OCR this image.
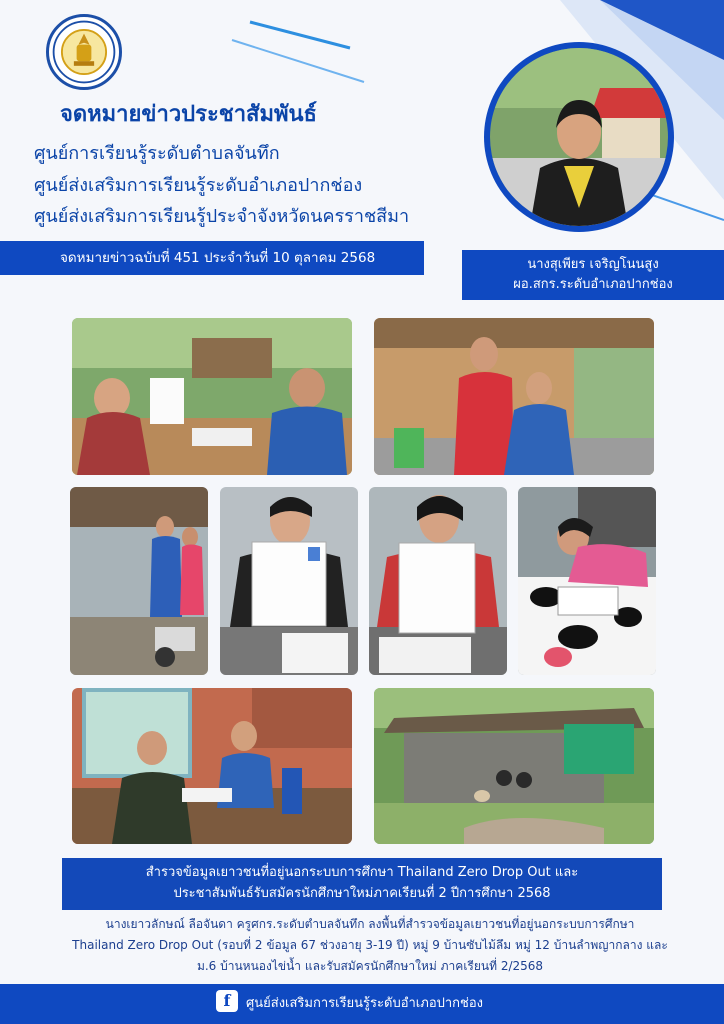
จดหมายข่าวประชาสัมพันธ์
ศูนย์การเรียนรู้ระดับตำบลจันทึก
ศูนย์ส่งเสริมการเรียนรู้ระดับอำเภอปากช่อง
ศูนย์ส่งเสริมการเรียนรู้ประจำจังหวัดนครราชสีมา
จดหมายข่าวฉบับที่ 451 ประจำวันที่ 10 ตุลาคม 2568	นางสุเพียร เจริญโนนสูง
ผอ.สกร.ระดับอำเภอปากช่อง
สำรวจข้อมูลเยาวชนที่อยู่นอกระบบการศึกษา Thailand Zero Drop Out และ
ประชาสัมพันธ์รับสมัครนักศึกษาใหม่ภาคเรียนที่ 2 ปีการศึกษา 2568
นางเยาวลักษณ์ ลือจันดา ครูศกร.ระดับตำบลจันทึก ลงพื้นที่สำรวจข้อมูลเยาวชนที่อยู่นอกระบบการศึกษา
Thailand Zero Drop Out (รอบที่ 2 ข้อมูล 67 ช่วงอายุ 3-19 ปี) หมู่ 9 บ้านซับไม้ลึม หมู่ 12 บ้านลำพญากลาง และ
ม.6 บ้านหนองไข่น้ำ และรับสมัครนักศึกษาใหม่ ภาคเรียนที่ 2/2568
f	ศูนย์ส่งเสริมการเรียนรู้ระดับอำเภอปากช่อง
